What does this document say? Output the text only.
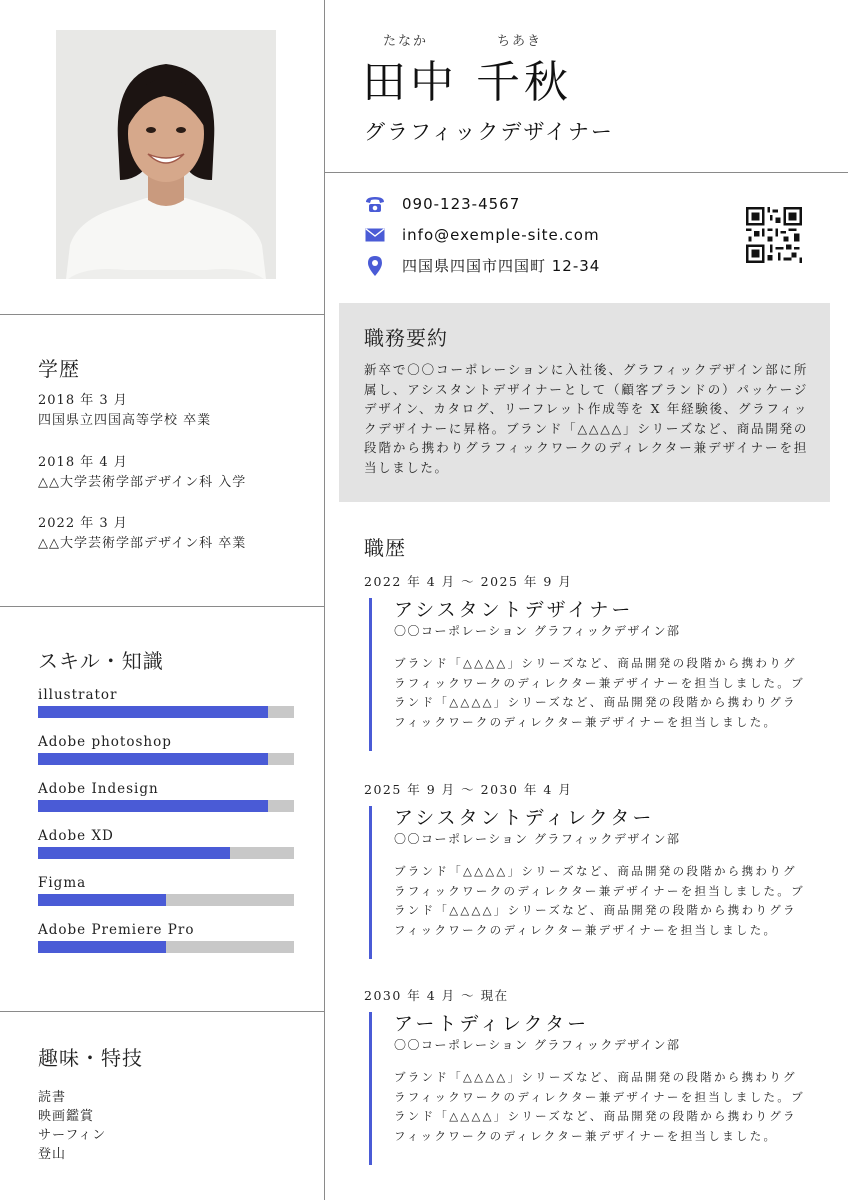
学歴
2018 年 3 月
四国県立四国高等学校 卒業
2018 年 4 月
△△大学芸術学部デザイン科 入学
2022 年 3 月
△△大学芸術学部デザイン科 卒業
スキル・知識
illustrator
Adobe photoshop
Adobe Indesign
Adobe XD
Figma
Adobe Premiere Pro
趣味・特技
読書
映画鑑賞
サーフィン
登山
たなか	ちあき
田中 千秋
グラフィックデザイナー
090-123-4567
info@exemple-site.com
四国県四国市四国町 12-34
職務要約
新卒で〇〇コーポレーションに入社後、グラフィックデザイン部に所属し、アシスタントデザイナーとして（顧客ブランドの）パッケージデザイン、カタログ、リーフレット作成等を X 年経験後、グラフィックデザイナーに昇格。ブランド「△△△△」シリーズなど、商品開発の段階から携わりグラフィックワークのディレクター兼デザイナーを担当しました。
職歴
2022 年 4 月 ～ 2025 年 9 月
アシスタントデザイナー
〇〇コーポレーション グラフィックデザイン部
ブランド「△△△△」シリーズなど、商品開発の段階から携わりグラフィックワークのディレクター兼デザイナーを担当しました。ブランド「△△△△」シリーズなど、商品開発の段階から携わりグラフィックワークのディレクター兼デザイナーを担当しました。
2025 年 9 月 ～ 2030 年 4 月
アシスタントディレクター
〇〇コーポレーション グラフィックデザイン部
ブランド「△△△△」シリーズなど、商品開発の段階から携わりグラフィックワークのディレクター兼デザイナーを担当しました。ブランド「△△△△」シリーズなど、商品開発の段階から携わりグラフィックワークのディレクター兼デザイナーを担当しました。
2030 年 4 月 ～ 現在
アートディレクター
〇〇コーポレーション グラフィックデザイン部
ブランド「△△△△」シリーズなど、商品開発の段階から携わりグラフィックワークのディレクター兼デザイナーを担当しました。ブランド「△△△△」シリーズなど、商品開発の段階から携わりグラフィックワークのディレクター兼デザイナーを担当しました。
